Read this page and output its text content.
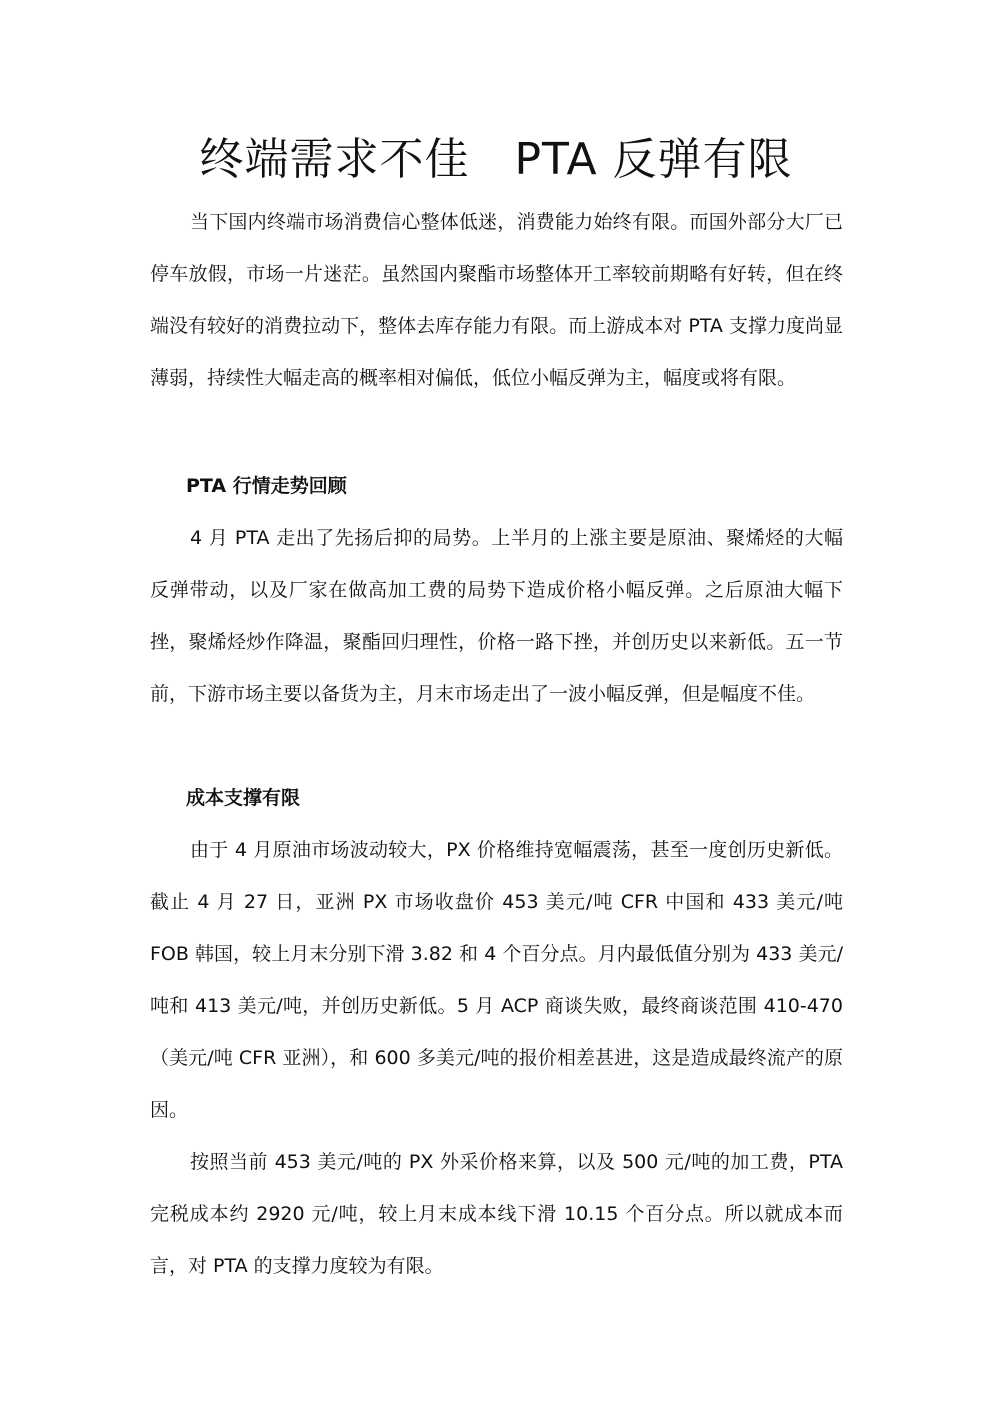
终端需求不佳　PTA 反弹有限

当下国内终端市场消费信心整体低迷，消费能力始终有限。而国外部分大厂已停车放假，市场一片迷茫。虽然国内聚酯市场整体开工率较前期略有好转，但在终端没有较好的消费拉动下，整体去库存能力有限。而上游成本对 PTA 支撑力度尚显薄弱，持续性大幅走高的概率相对偏低，低位小幅反弹为主，幅度或将有限。

PTA 行情走势回顾

4 月 PTA 走出了先扬后抑的局势。上半月的上涨主要是原油、聚烯烃的大幅反弹带动，以及厂家在做高加工费的局势下造成价格小幅反弹。之后原油大幅下挫，聚烯烃炒作降温，聚酯回归理性，价格一路下挫，并创历史以来新低。五一节前，下游市场主要以备货为主，月末市场走出了一波小幅反弹，但是幅度不佳。

成本支撑有限

由于 4 月原油市场波动较大，PX 价格维持宽幅震荡，甚至一度创历史新低。截止 4 月 27 日，亚洲 PX 市场收盘价 453 美元/吨 CFR 中国和 433 美元/吨 FOB 韩国，较上月末分别下滑 3.82 和 4 个百分点。月内最低值分别为 433 美元/吨和 413 美元/吨，并创历史新低。5 月 ACP 商谈失败，最终商谈范围 410-470（美元/吨 CFR 亚洲），和 600 多美元/吨的报价相差甚进，这是造成最终流产的原因。

按照当前 453 美元/吨的 PX 外采价格来算，以及 500 元/吨的加工费，PTA 完税成本约 2920 元/吨，较上月末成本线下滑 10.15 个百分点。所以就成本而言，对 PTA 的支撑力度较为有限。
